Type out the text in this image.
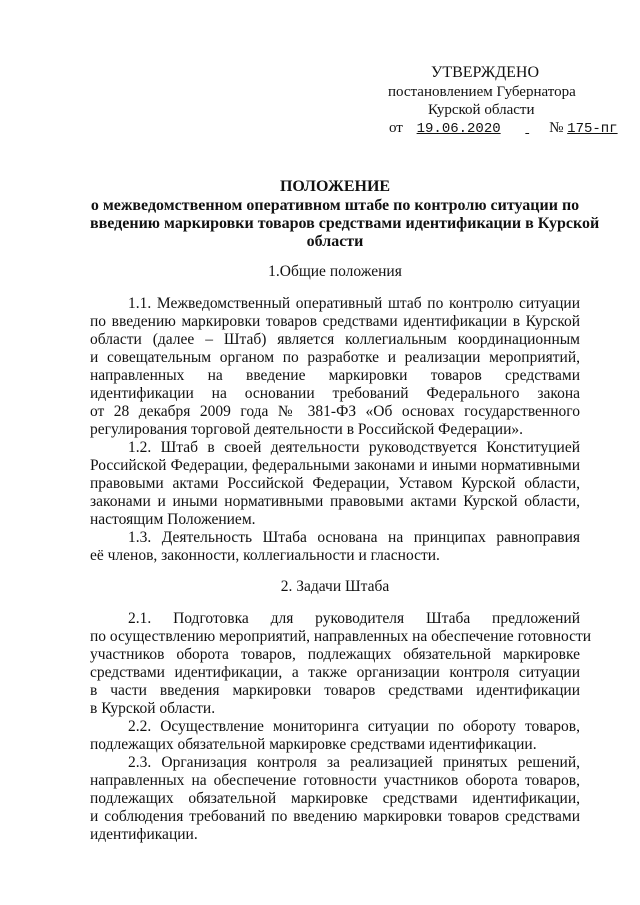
УТВЕРЖДЕНО
постановлением Губернатора
Курской области
от 19.06.2020	№ 175-пг
ПОЛОЖЕНИЕ
о межведомственном оперативном штабе по контролю ситуации по
введению маркировки товаров средствами идентификации в Курской
области
1.Общие положения
1.1. Межведомственный оперативный штаб по контролю ситуации
по введению маркировки товаров средствами идентификации в Курской
области (далее – Штаб) является коллегиальным координационным
и совещательным органом по разработке и реализации мероприятий,
направленных на введение маркировки товаров средствами
идентификации на основании требований Федерального закона
от 28 декабря 2009 года № 381-ФЗ «Об основах государственного
регулирования торговой деятельности в Российской Федерации».
1.2. Штаб в своей деятельности руководствуется Конституцией
Российской Федерации, федеральными законами и иными нормативными
правовыми актами Российской Федерации, Уставом Курской области,
законами и иными нормативными правовыми актами Курской области,
настоящим Положением.
1.3. Деятельность Штаба основана на принципах равноправия
её членов, законности, коллегиальности и гласности.
2. Задачи Штаба
2.1. Подготовка для руководителя Штаба предложений
по осуществлению мероприятий, направленных на обеспечение готовности
участников оборота товаров, подлежащих обязательной маркировке
средствами идентификации, а также организации контроля ситуации
в части введения маркировки товаров средствами идентификации
в Курской области.
2.2. Осуществление мониторинга ситуации по обороту товаров,
подлежащих обязательной маркировке средствами идентификации.
2.3. Организация контроля за реализацией принятых решений,
направленных на обеспечение готовности участников оборота товаров,
подлежащих обязательной маркировке средствами идентификации,
и соблюдения требований по введению маркировки товаров средствами
идентификации.
